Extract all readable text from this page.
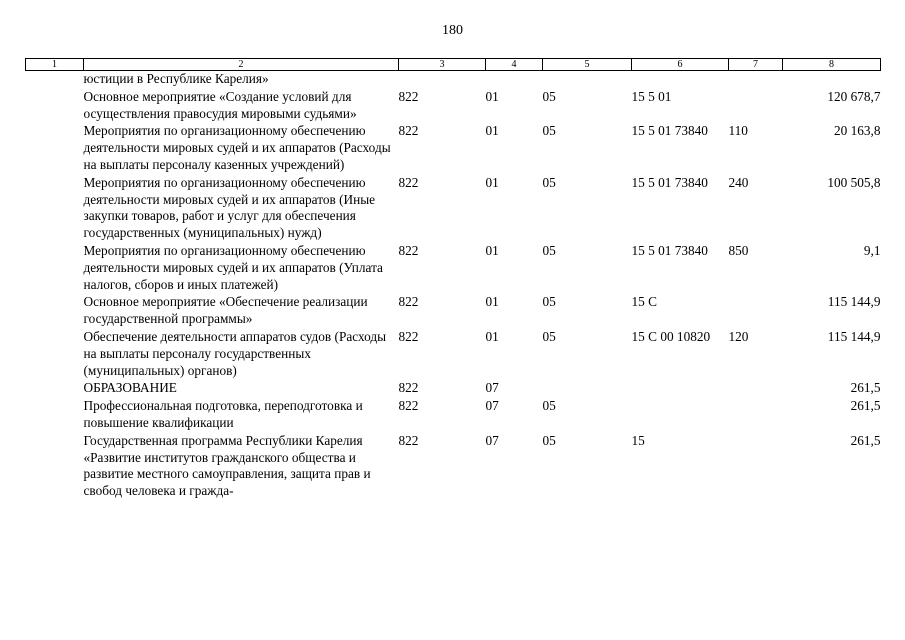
180
1	2	3	4	5	6	7	8
	юстиции в Республике Карелия»						
	Основное мероприятие «Создание условий для осуществления правосудия мировыми судьями»	822	01	05	15 5 01		120 678,7
	Мероприятия по организационному обеспечению деятельности мировых судей и их аппаратов (Расходы на выплаты персоналу казенных учреждений)	822	01	05	15 5 01 73840	110	20 163,8
	Мероприятия по организационному обеспечению деятельности мировых судей и их аппаратов (Иные закупки товаров, работ и услуг для обеспечения государственных (муниципальных) нужд)	822	01	05	15 5 01 73840	240	100 505,8
	Мероприятия по организационному обеспечению деятельности мировых судей и их аппаратов (Уплата налогов, сборов и иных платежей)	822	01	05	15 5 01 73840	850	9,1
	Основное мероприятие «Обеспечение реализации государственной программы»	822	01	05	15 С		115 144,9
	Обеспечение деятельности аппаратов судов (Расходы на выплаты персоналу государственных (муниципальных) органов)	822	01	05	15 С 00 10820	120	115 144,9
	ОБРАЗОВАНИЕ	822	07				261,5
	Профессиональная подготовка, переподготовка и повышение квалификации	822	07	05			261,5
	Государственная программа Республики Карелия «Развитие институтов гражданского общества и развитие местного самоуправления, защита прав и свобод человека и гражда-	822	07	05	15		261,5
